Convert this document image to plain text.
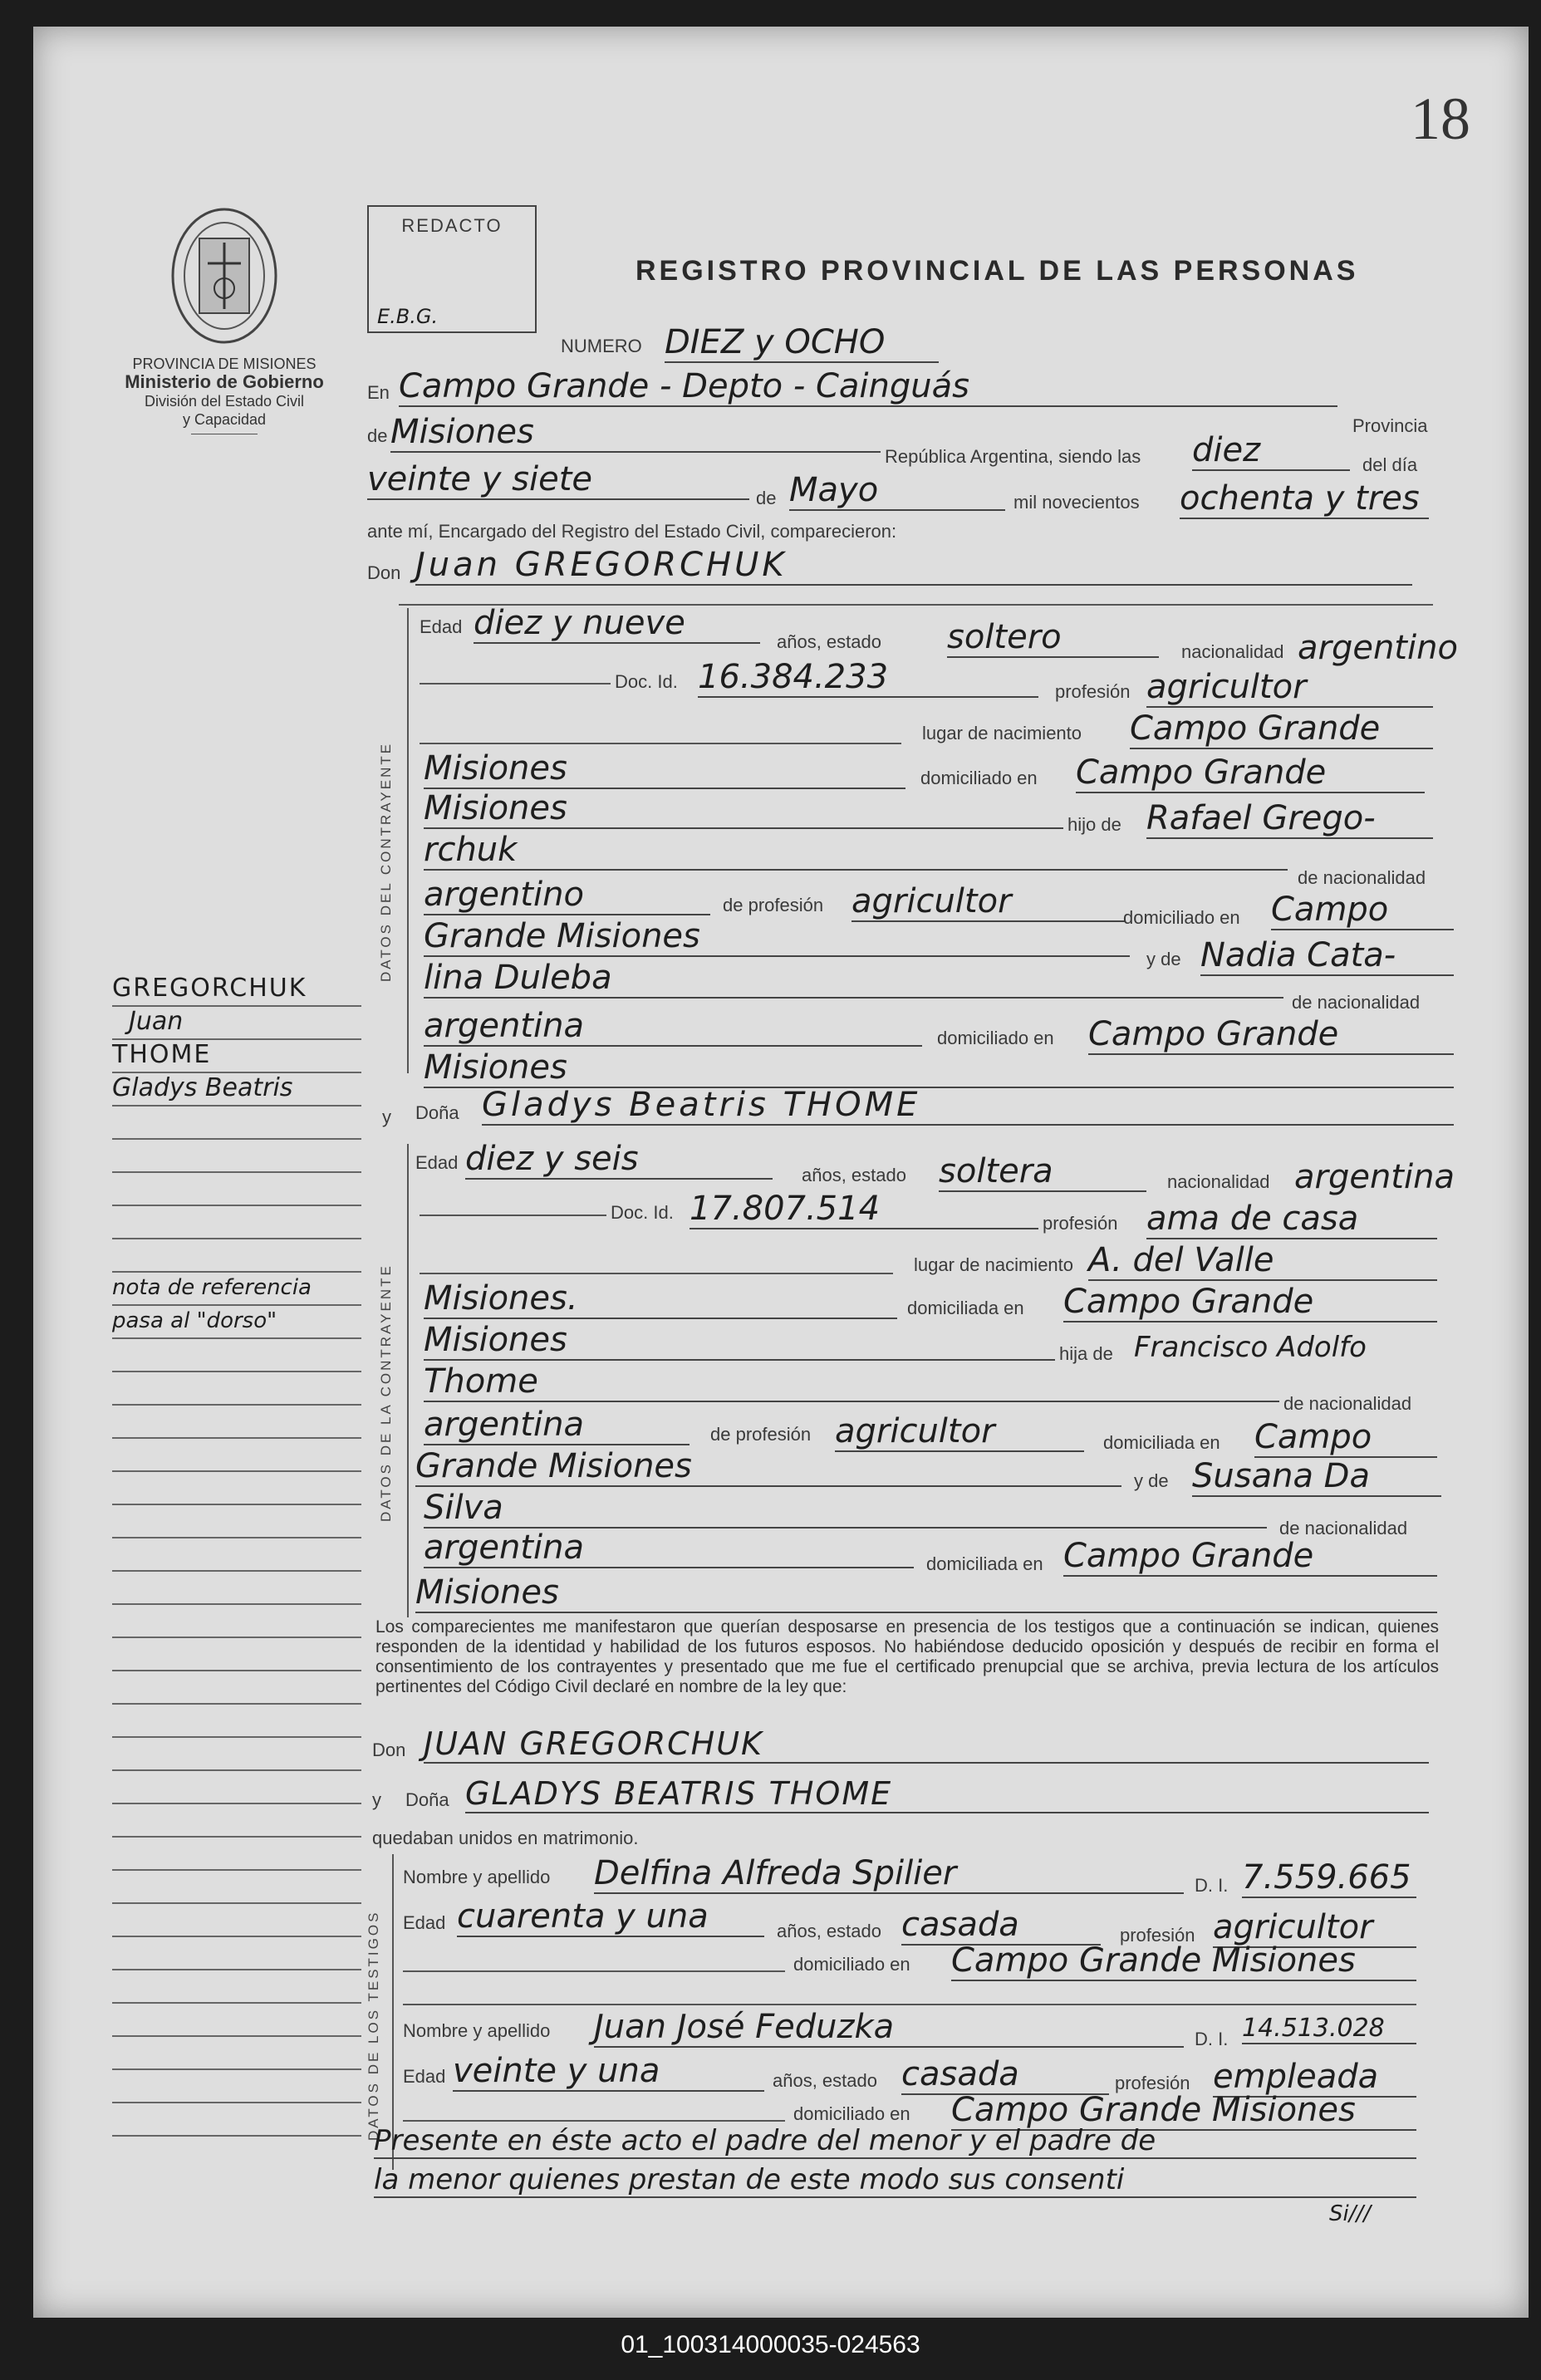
18
PROVINCIA DE MISIONES
Ministerio de Gobierno
División del Estado Civil
y Capacidad
REDACTO
E.B.G.
REGISTRO PROVINCIAL DE LAS PERSONAS
NUMERO DIEZ y OCHO
En Campo Grande - Depto - Cainguás
Provincia
de Misiones
República Argentina, siendo las diez	del día
veinte y siete	de Mayo	mil novecientos ochenta y tres
ante mí, Encargado del Registro del Estado Civil, comparecieron:
Don Juan GREGORCHUK
DATOS DEL CONTRAYENTE
Edad diez y nueve	años, estado soltero	nacionalidad argentino
Doc. Id. 16.384.233	profesión agricultor
lugar de nacimiento Campo Grande
Misiones	domiciliado en Campo Grande
Misiones	hijo de Rafael Grego-
rchuk
de nacionalidad
argentino	de profesión agricultor	domiciliado en Campo
Grande Misiones
y de Nadia Cata-
lina Duleba
de nacionalidad
argentina	domiciliado en Campo Grande
Misiones
y Doña Gladys Beatris THOME
DATOS DE LA CONTRAYENTE
Edad diez y seis	años, estado soltera	nacionalidad argentina
Doc. Id. 17.807.514	profesión ama de casa
lugar de nacimiento A. del Valle
Misiones.	domiciliada en Campo Grande
Misiones	hija de Francisco Adolfo
Thome
de nacionalidad
argentina	de profesión agricultor	domiciliada en Campo
Grande Misiones	y de Susana Da
Silva
de nacionalidad
argentina	domiciliada en Campo Grande
Misiones
Los comparecientes me manifestaron que querían desposarse en presencia de los testigos que a continuación se indican, quienes responden de la identidad y habilidad de los futuros esposos. No habiéndose deducido oposición y después de recibir en forma el consentimiento de los contrayentes y presentado que me fue el certificado prenupcial que se archiva, previa lectura de los artículos pertinentes del Código Civil declaré en nombre de la ley que:
Don JUAN GREGORCHUK
y Doña GLADYS BEATRIS THOME
quedaban unidos en matrimonio.
DATOS DE LOS TESTIGOS
Nombre y apellido Delfina Alfreda Spilier	D. I. 7.559.665
Edad cuarenta y una	años, estado casada	profesión agricultor
domiciliado en Campo Grande Misiones
Nombre y apellido Juan José Feduzka	D. I. 14.513.028
Edad veinte y una	años, estado casada	profesión empleada
domiciliado en Campo Grande Misiones
Presente en éste acto el padre del menor y el padre de
la menor quienes prestan de este modo sus consenti
Si///
GREGORCHUK
Juan
THOME
Gladys Beatris
nota de referencia
pasa al "dorso"
01_100314000035-024563
